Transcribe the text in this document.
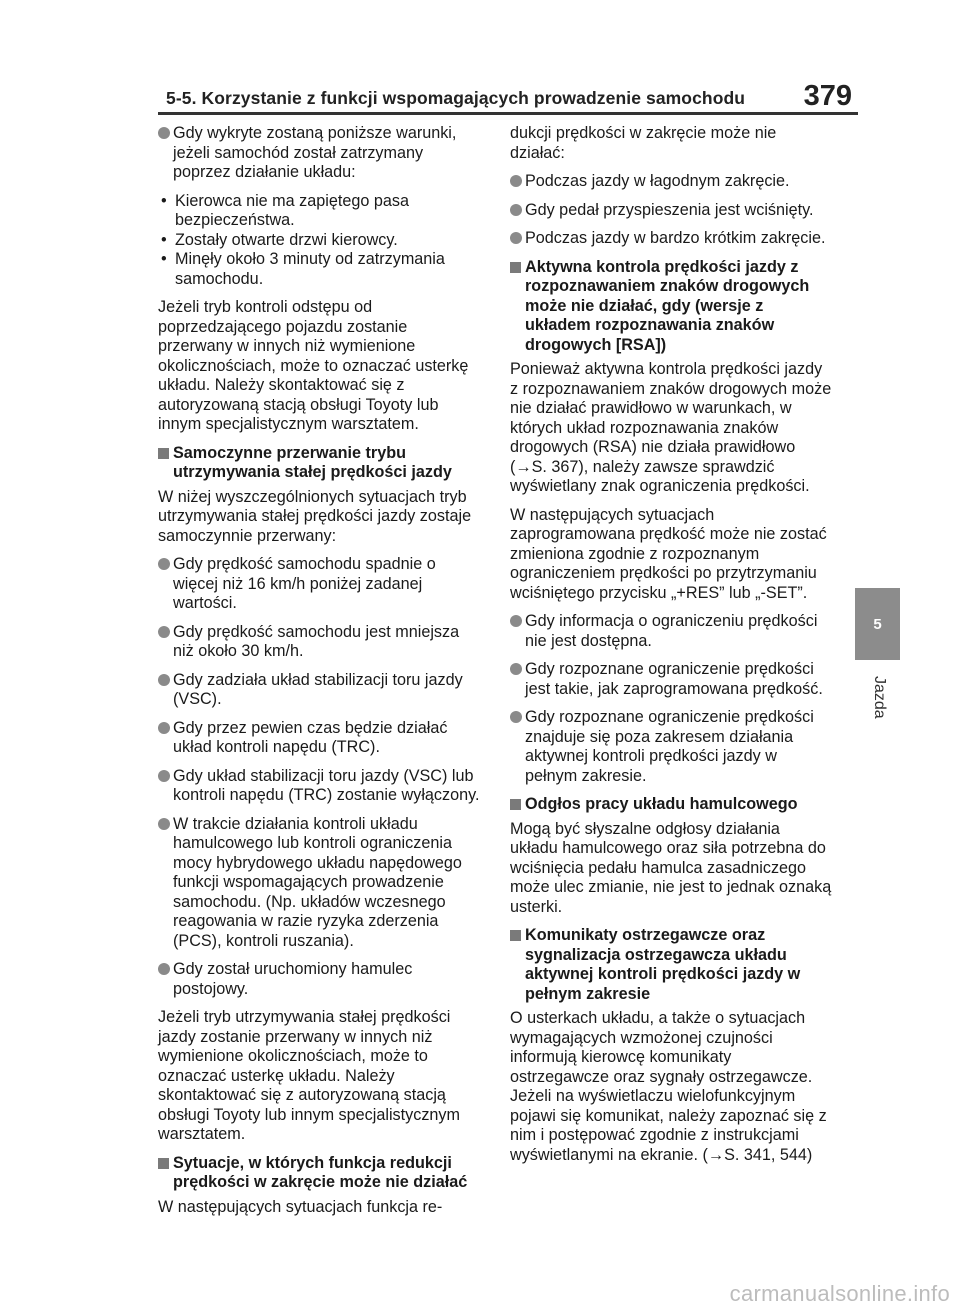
5-5. Korzystanie z funkcji wspomagających prowadzenie samochodu 379
Gdy wykryte zostaną poniższe warunki, jeżeli samochód został zatrzymany poprzez działanie układu:
• Kierowca nie ma zapiętego pasa bezpieczeństwa.
• Zostały otwarte drzwi kierowcy.
• Minęły około 3 minuty od zatrzymania samochodu.

Jeżeli tryb kontroli odstępu od poprzedzającego pojazdu zostanie przerwany w innych niż wymienione okolicznościach, może to oznaczać usterkę układu. Należy skontaktować się z autoryzowaną stacją obsługi Toyoty lub innym specjalistycznym warsztatem.

Samoczynne przerwanie trybu utrzymywania stałej prędkości jazdy

W niżej wyszczególnionych sytuacjach tryb utrzymywania stałej prędkości jazdy zostaje samoczynnie przerwany:

Gdy prędkość samochodu spadnie o więcej niż 16 km/h poniżej zadanej wartości.
Gdy prędkość samochodu jest mniejsza niż około 30 km/h.
Gdy zadziała układ stabilizacji toru jazdy (VSC).
Gdy przez pewien czas będzie działać układ kontroli napędu (TRC).
Gdy układ stabilizacji toru jazdy (VSC) lub kontroli napędu (TRC) zostanie wyłączony.
W trakcie działania kontroli układu hamulcowego lub kontroli ograniczenia mocy hybrydowego układu napędowego funkcji wspomagających prowadzenie samochodu. (Np. układów wczesnego reagowania w razie ryzyka zderzenia (PCS), kontroli ruszania).
Gdy został uruchomiony hamulec postojowy.

Jeżeli tryb utrzymywania stałej prędkości jazdy zostanie przerwany w innych niż wymienione okolicznościach, może to oznaczać usterkę układu. Należy skontaktować się z autoryzowaną stacją obsługi Toyoty lub innym specjalistycznym warsztatem.

Sytuacje, w których funkcja redukcji prędkości w zakręcie może nie działać

W następujących sytuacjach funkcja re-

dukcji prędkości w zakręcie może nie działać:

Podczas jazdy w łagodnym zakręcie.
Gdy pedał przyspieszenia jest wciśnięty.
Podczas jazdy w bardzo krótkim zakręcie.
Aktywna kontrola prędkości jazdy z rozpoznawaniem znaków drogowych może nie działać, gdy (wersje z układem rozpoznawania znaków drogowych [RSA])

Ponieważ aktywna kontrola prędkości jazdy z rozpoznawaniem znaków drogowych może nie działać prawidłowo w warunkach, w których układ rozpoznawania znaków drogowych (RSA) nie działa prawidłowo (→S. 367), należy zawsze sprawdzić wyświetlany znak ograniczenia prędkości.

W następujących sytuacjach zaprogramowana prędkość może nie zostać zmieniona zgodnie z rozpoznanym ograniczeniem prędkości po przytrzymaniu wciśniętego przycisku „+RES” lub „-SET”.

Gdy informacja o ograniczeniu prędkości nie jest dostępna.
Gdy rozpoznane ograniczenie prędkości jest takie, jak zaprogramowana prędkość.
Gdy rozpoznane ograniczenie prędkości znajduje się poza zakresem działania aktywnej kontroli prędkości jazdy w pełnym zakresie.
Odgłos pracy układu hamulcowego

Mogą być słyszalne odgłosy działania układu hamulcowego oraz siła potrzebna do wciśnięcia pedału hamulca zasadniczego może ulec zmianie, nie jest to jednak oznaką usterki.

Komunikaty ostrzegawcze oraz sygnalizacja ostrzegawcza układu aktywnej kontroli prędkości jazdy w pełnym zakresie

O usterkach układu, a także o sytuacjach wymagających wzmożonej czujności informują kierowcę komunikaty ostrzegawcze oraz sygnały ostrzegawcze. Jeżeli na wyświetlaczu wielofunkcyjnym pojawi się komunikat, należy zapoznać się z nim i postępować zgodnie z instrukcjami wyświetlanymi na ekranie. (→S. 341, 544)

5
Jazda
carmanualsonline.info
